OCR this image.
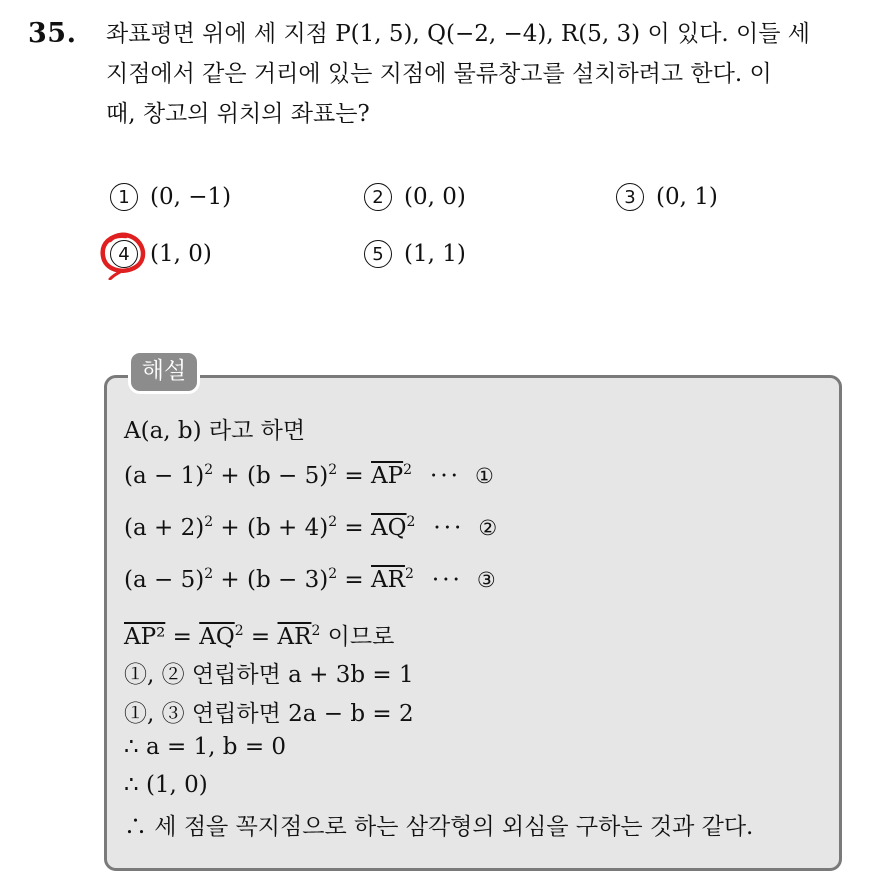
35. 좌표평면 위에 세 지점 P(1, 5), Q(−2, −4), R(5, 3) 이 있다. 이들 세
지점에서 같은 거리에 있는 지점에 물류창고를 설치하려고 한다. 이
때, 창고의 위치의 좌표는?
1 (0, −1)	2 (0, 0)	3 (0, 1)
4 (1, 0)	5 (1, 1)
해설
A(a, b) 라고 하면
$(a - 1)^2 + (b - 5)^2 = \overline{AP}^2$ ··· ①
$(a + 2)^2 + (b + 4)^2 = \overline{AQ}^2$ ··· ②
$(a - 5)^2 + (b - 3)^2 = \overline{AR}^2$ ··· ③
$AP^2 = \overline{AQ}^2 = \overline{AR}^2$ 이므로
①, ② 연립하면 a + 3b = 1
①, ③ 연립하면 2a − b = 2
∴ a = 1, b = 0
∴ (1, 0)
∴ 세 점을 꼭지점으로 하는 삼각형의 외심을 구하는 것과 같다.
